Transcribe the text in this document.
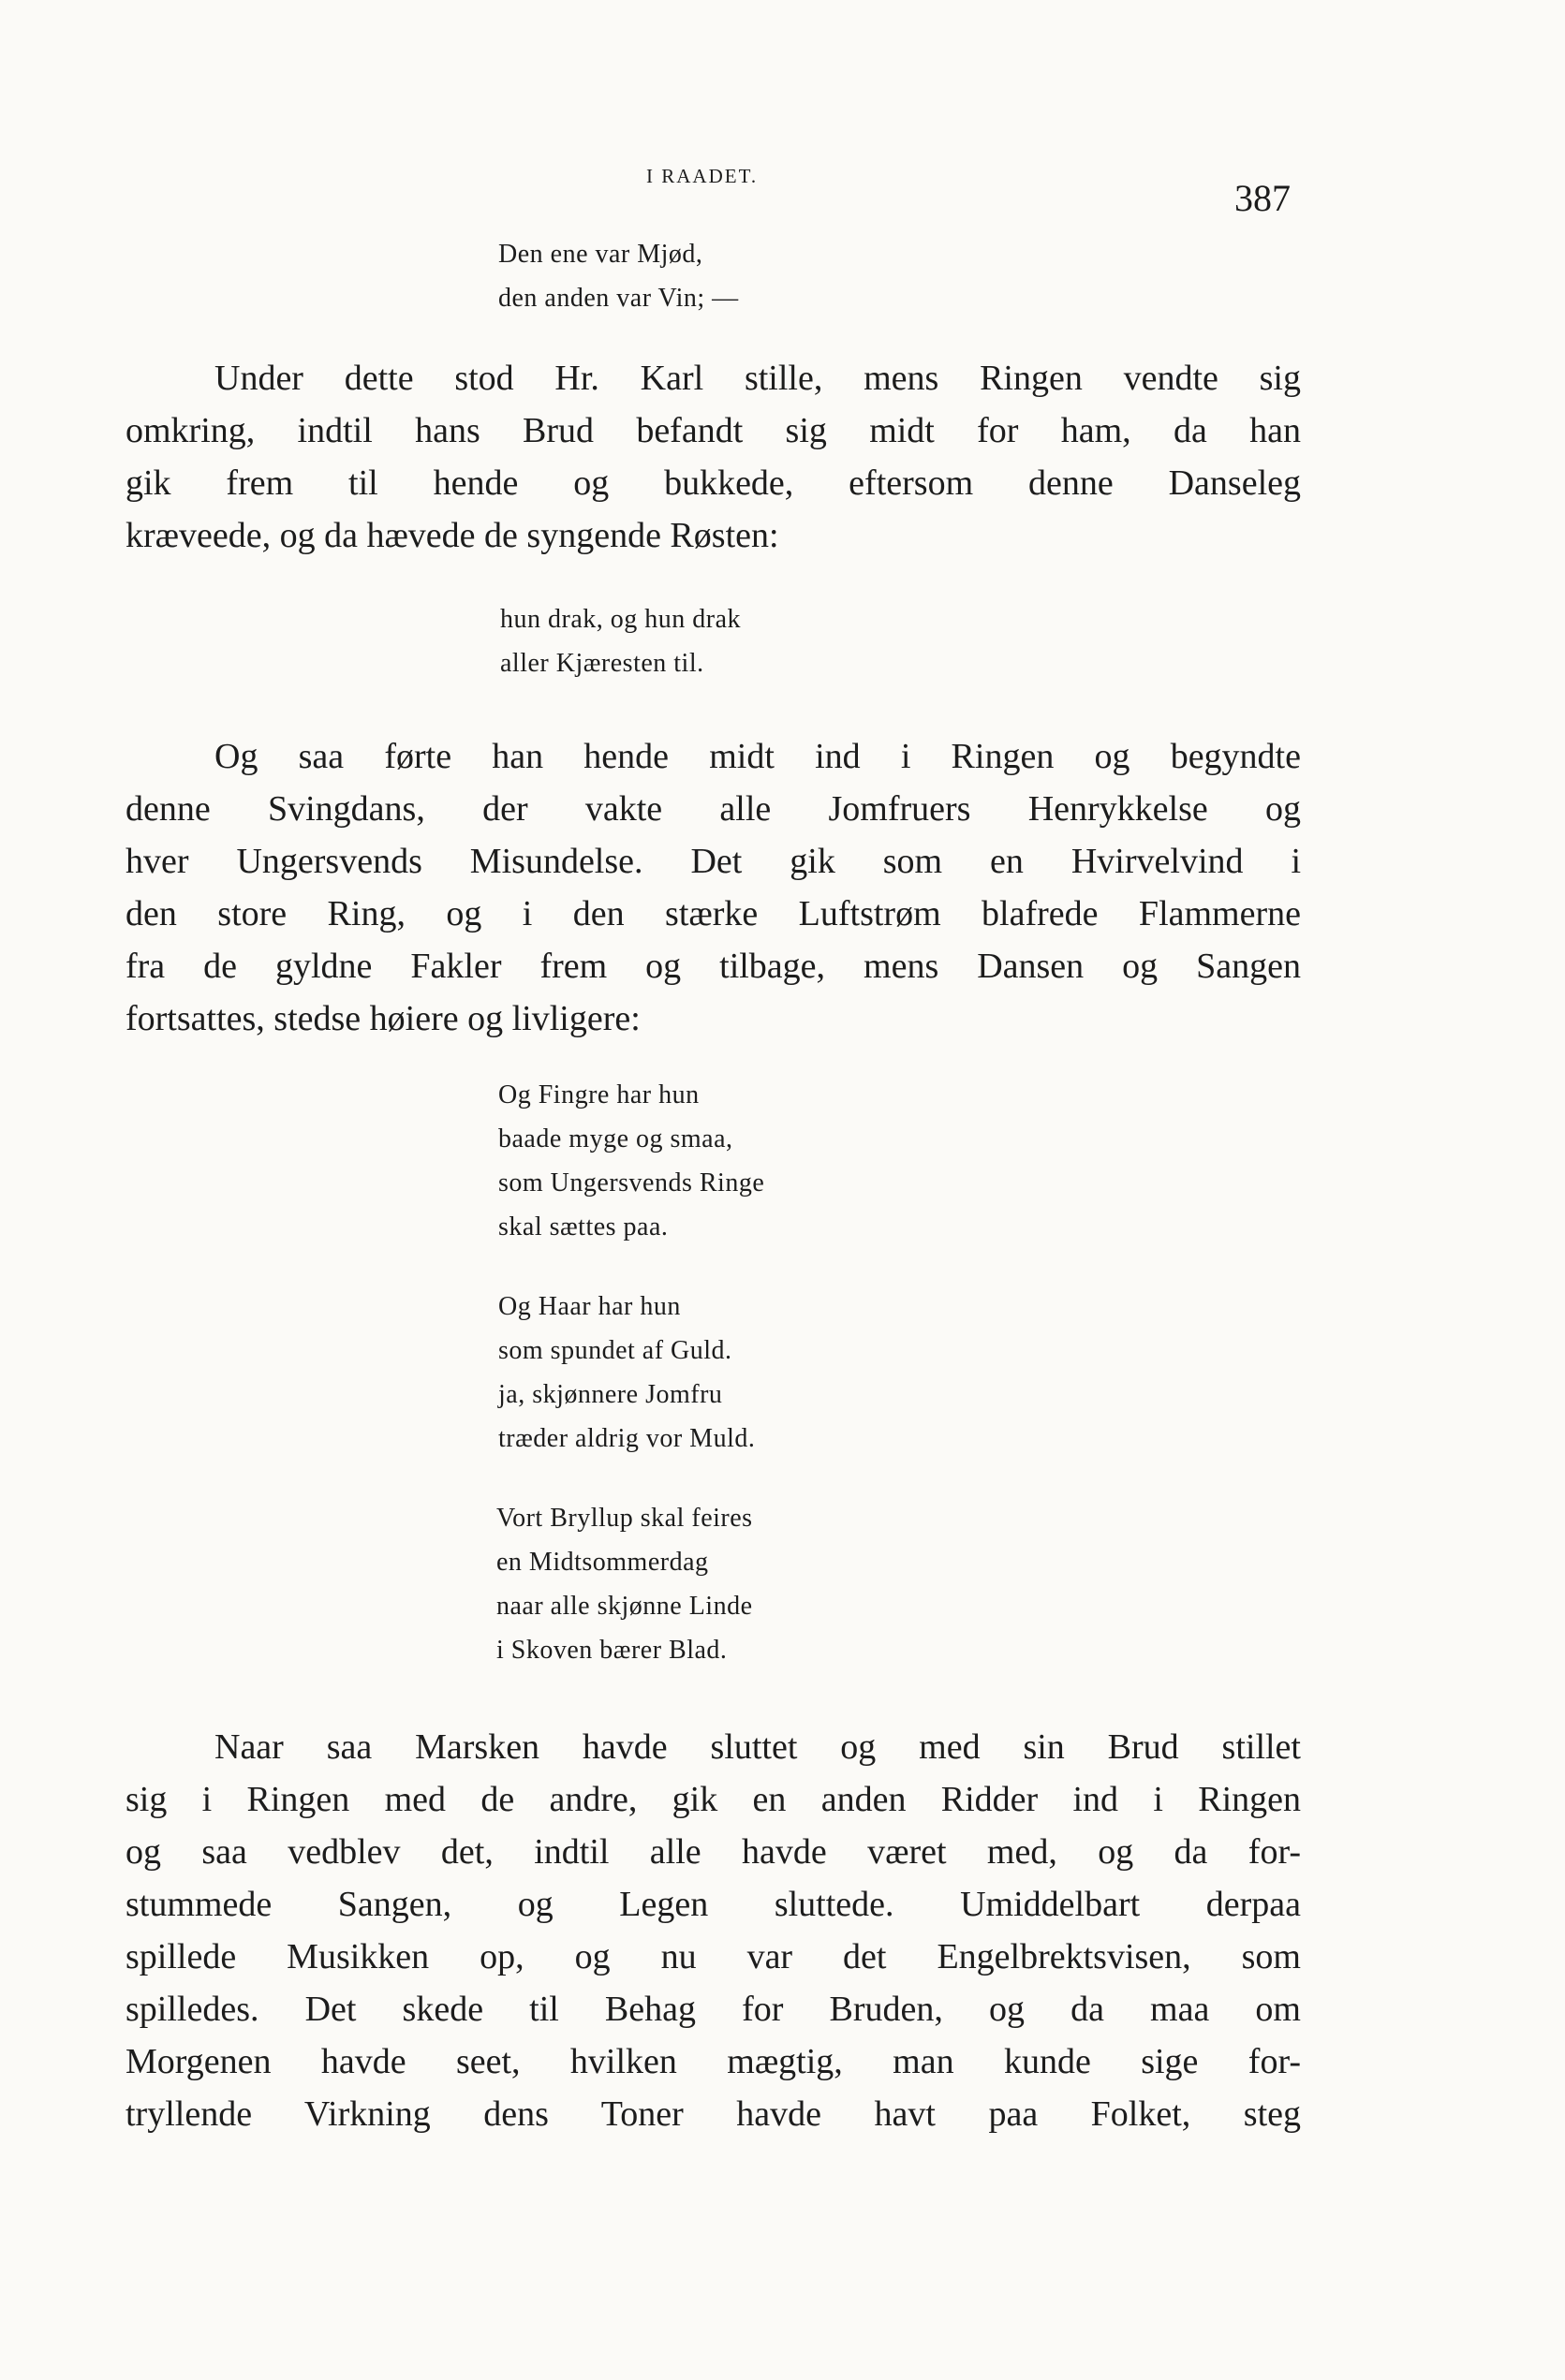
I RAADET.
387
Den ene var Mjød,
den anden var Vin; —
Under dette stod Hr. Karl stille, mens Ringen vendte sig
omkring, indtil hans Brud befandt sig midt for ham, da han
gik frem til hende og bukkede, eftersom denne Danseleg
kræveede, og da hævede de syngende Røsten:
hun drak, og hun drak
aller Kjæresten til.
Og saa førte han hende midt ind i Ringen og begyndte
denne Svingdans, der vakte alle Jomfruers Henrykkelse og
hver Ungersvends Misundelse. Det gik som en Hvirvelvind i
den store Ring, og i den stærke Luftstrøm blafrede Flammerne
fra de gyldne Fakler frem og tilbage, mens Dansen og Sangen
fortsattes, stedse høiere og livligere:
Og Fingre har hun
baade myge og smaa,
som Ungersvends Ringe
skal sættes paa.
Og Haar har hun
som spundet af Guld.
ja, skjønnere Jomfru
træder aldrig vor Muld.
Vort Bryllup skal feires
en Midtsommerdag
naar alle skjønne Linde
i Skoven bærer Blad.
Naar saa Marsken havde sluttet og med sin Brud stillet
sig i Ringen med de andre, gik en anden Ridder ind i Ringen
og saa vedblev det, indtil alle havde været med, og da for-
stummede Sangen, og Legen sluttede. Umiddelbart derpaa
spillede Musikken op, og nu var det Engelbrektsvisen, som
spilledes. Det skede til Behag for Bruden, og da maa om
Morgenen havde seet, hvilken mægtig, man kunde sige for-
tryllende Virkning dens Toner havde havt paa Folket, steg
